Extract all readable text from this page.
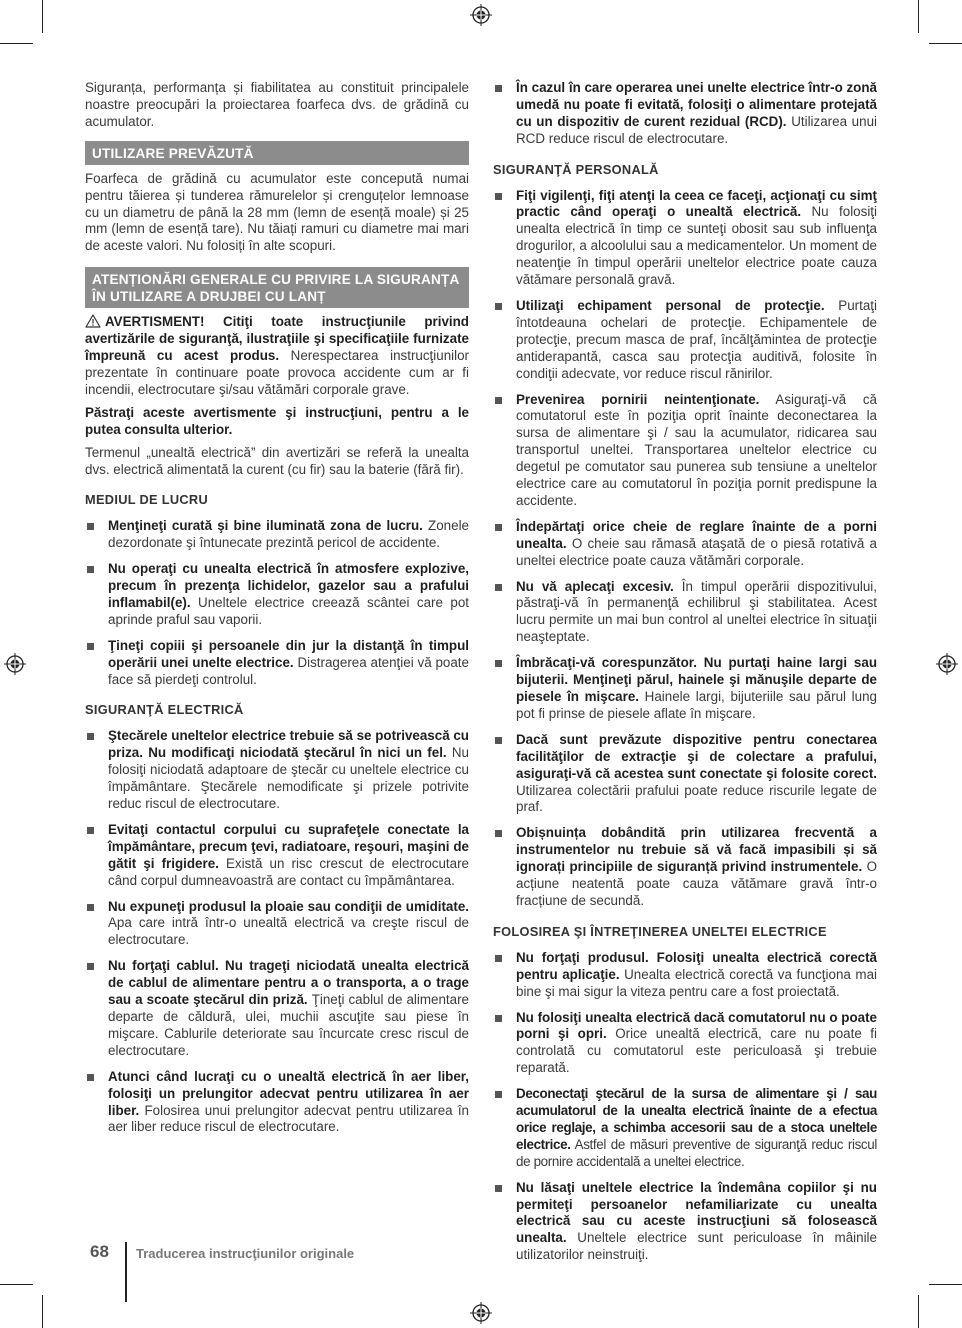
Siguranța, performanța și fiabilitatea au constituit principalele noastre preocupări la proiectarea foarfeca dvs. de grădină cu acumulator.

UTILIZARE PREVĂZUTĂ

Foarfeca de grădină cu acumulator este concepută numai pentru tăierea și tunderea rămurelelor și crenguțelor lemnoase cu un diametru de până la 28 mm (lemn de esență moale) și 25 mm (lemn de esență tare). Nu tăiați ramuri cu diametre mai mari de aceste valori. Nu folosiți în alte scopuri.

ATENȚIONĂRI GENERALE CU PRIVIRE LA SIGURANȚA ÎN UTILIZARE A DRUJBEI CU LANȚ

AVERTISMENT! Citiţi toate instrucţiunile privind avertizările de siguranţă, ilustraţiile şi specificaţiile furnizate împreună cu acest produs. Nerespectarea instrucţiunilor prezentate în continuare poate provoca accidente cum ar fi incendii, electrocutare şi/sau vătămări corporale grave.

Păstraţi aceste avertismente şi instrucţiuni, pentru a le putea consulta ulterior.

Termenul „unealtă electrică” din avertizări se referă la unealta dvs. electrică alimentată la curent (cu fir) sau la baterie (fără fir).

MEDIUL DE LUCRU
Menţineţi curată şi bine iluminată zona de lucru. Zonele dezordonate şi întunecate prezintă pericol de accidente.
Nu operaţi cu unealta electrică în atmosfere explozive, precum în prezenţa lichidelor, gazelor sau a prafului inflamabil(e). Uneltele electrice creează scântei care pot aprinde praful sau vaporii.
Ţineţi copiii şi persoanele din jur la distanţă în timpul operării unei unelte electrice. Distragerea atenţiei vă poate face să pierdeţi controlul.
SIGURANŢĂ ELECTRICĂ
Ştecărele uneltelor electrice trebuie să se potrivească cu priza. Nu modificaţi niciodată ştecărul în nici un fel. Nu folosiţi niciodată adaptoare de ştecăr cu uneltele electrice cu împământare. Ştecărele nemodificate şi prizele potrivite reduc riscul de electrocutare.
Evitaţi contactul corpului cu suprafeţele conectate la împământare, precum ţevi, radiatoare, reşouri, maşini de gătit şi frigidere. Există un risc crescut de electrocutare când corpul dumneavoastră are contact cu împământarea.
Nu expuneţi produsul la ploaie sau condiţii de umiditate. Apa care intră într-o unealtă electrică va creşte riscul de electrocutare.
Nu forţaţi cablul. Nu trageţi niciodată unealta electrică de cablul de alimentare pentru a o transporta, a o trage sau a scoate ştecărul din priză. Ţineţi cablul de alimentare departe de căldură, ulei, muchii ascuţite sau piese în mişcare. Cablurile deteriorate sau încurcate cresc riscul de electrocutare.
Atunci când lucraţi cu o unealtă electrică în aer liber, folosiţi un prelungitor adecvat pentru utilizarea în aer liber. Folosirea unui prelungitor adecvat pentru utilizarea în aer liber reduce riscul de electrocutare.
În cazul în care operarea unei unelte electrice într-o zonă umedă nu poate fi evitată, folosiţi o alimentare protejată cu un dispozitiv de curent rezidual (RCD). Utilizarea unui RCD reduce riscul de electrocutare.
SIGURANŢĂ PERSONALĂ
Fiţi vigilenţi, fiţi atenţi la ceea ce faceţi, acţionaţi cu simţ practic când operaţi o unealtă electrică. Nu folosiţi unealta electrică în timp ce sunteţi obosit sau sub influenţa drogurilor, a alcoolului sau a medicamentelor. Un moment de neatenţie în timpul operării uneltelor electrice poate cauza vătămare personală gravă.
Utilizaţi echipament personal de protecţie. Purtaţi întotdeauna ochelari de protecţie. Echipamentele de protecţie, precum masca de praf, încălţămintea de protecţie antiderapantă, casca sau protecţia auditivă, folosite în condiţii adecvate, vor reduce riscul rănirilor.
Prevenirea pornirii neintenţionate. Asiguraţi-vă că comutatorul este în poziţia oprit înainte deconectarea la sursa de alimentare şi / sau la acumulator, ridicarea sau transportul uneltei. Transportarea uneltelor electrice cu degetul pe comutator sau punerea sub tensiune a uneltelor electrice care au comutatorul în poziţia pornit predispune la accidente.
Îndepărtaţi orice cheie de reglare înainte de a porni unealta. O cheie sau rămasă ataşată de o piesă rotativă a uneltei electrice poate cauza vătămări corporale.
Nu vă aplecaţi excesiv. În timpul operării dispozitivului, păstraţi-vă în permanenţă echilibrul şi stabilitatea. Acest lucru permite un mai bun control al uneltei electrice în situaţii neaşteptate.
Îmbrăcaţi-vă corespunzător. Nu purtaţi haine largi sau bijuterii. Menţineţi părul, hainele şi mănuşile departe de piesele în mişcare. Hainele largi, bijuteriile sau părul lung pot fi prinse de piesele aflate în mişcare.
Dacă sunt prevăzute dispozitive pentru conectarea facilităţilor de extracţie şi de colectare a prafului, asiguraţi-vă că acestea sunt conectate şi folosite corect. Utilizarea colectării prafului poate reduce riscurile legate de praf.
Obișnuința dobândită prin utilizarea frecventă a instrumentelor nu trebuie să vă facă impasibili și să ignorați principiile de siguranță privind instrumentele. O acțiune neatentă poate cauza vătămare gravă într-o fracțiune de secundă.
FOLOSIREA ŞI ÎNTREŢINEREA UNELTEI ELECTRICE
Nu forţaţi produsul. Folosiţi unealta electrică corectă pentru aplicaţie. Unealta electrică corectă va funcţiona mai bine şi mai sigur la viteza pentru care a fost proiectată.
Nu folosiţi unealta electrică dacă comutatorul nu o poate porni şi opri. Orice unealtă electrică, care nu poate fi controlată cu comutatorul este periculoasă şi trebuie reparată.
Deconectaţi ştecărul de la sursa de alimentare şi / sau acumulatorul de la unealta electrică înainte de a efectua orice reglaje, a schimba accesorii sau de a stoca uneltele electrice. Astfel de măsuri preventive de siguranţă reduc riscul de pornire accidentală a uneltei electrice.
Nu lăsaţi uneltele electrice la îndemâna copiilor şi nu permiteţi persoanelor nefamiliarizate cu unealta electrică sau cu aceste instrucţiuni să folosească unealta. Uneltele electrice sunt periculoase în mâinile utilizatorilor neinstruiţi.
68 Traducerea instrucţiunilor originale
